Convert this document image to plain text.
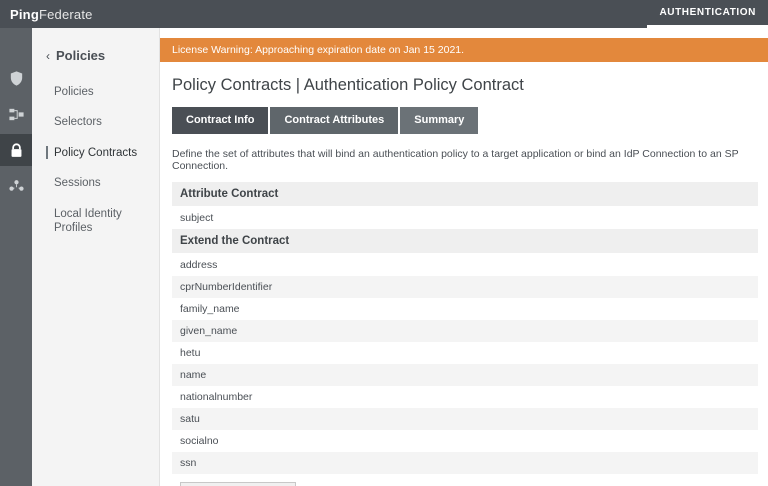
PingFederate	AUTHENTICATION
‹ Policies
Policies
Selectors
Policy Contracts
Sessions
Local Identity Profiles
License Warning: Approaching expiration date on Jan 15 2021.
Policy Contracts | Authentication Policy Contract
Contract Info	Contract Attributes	Summary
Define the set of attributes that will bind an authentication policy to a target application or bind an IdP Connection to an SP Connection.
Attribute Contract
subject
Extend the Contract
address
cprNumberIdentifier
family_name
given_name
hetu
name
nationalnumber
satu
socialno
ssn
